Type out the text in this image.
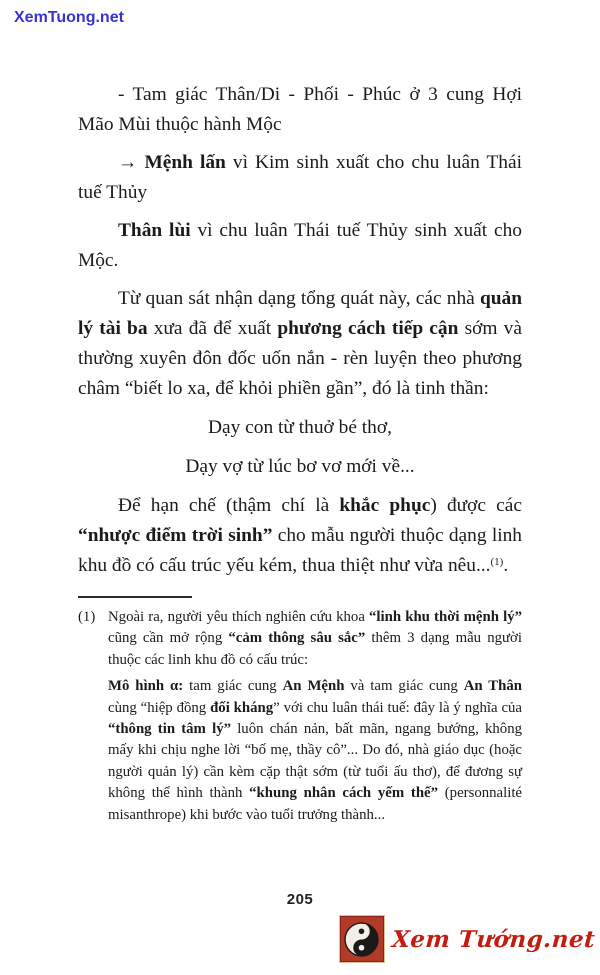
XemTuong.net
- Tam giác Thân/Di - Phối - Phúc ở 3 cung Hợi Mão Mùi thuộc hành Mộc
→ Mệnh lấn vì Kim sinh xuất cho chu luân Thái tuế Thủy
Thân lùi vì chu luân Thái tuế Thủy sinh xuất cho Mộc.
Từ quan sát nhận dạng tổng quát này, các nhà quản lý tài ba xưa đã để xuất phương cách tiếp cận sớm và thường xuyên đôn đốc uốn nắn - rèn luyện theo phương châm “biết lo xa, để khỏi phiền gần”, đó là tinh thần:
Dạy con từ thuở bé thơ,
Dạy vợ từ lúc bơ vơ mới về...
Để hạn chế (thậm chí là khắc phục) được các “nhược điểm trời sinh” cho mẫu người thuộc dạng linh khu đồ có cấu trúc yếu kém, thua thiệt như vừa nêu...$^{(1)}$.
(1) Ngoài ra, người yêu thích nghiên cứu khoa “linh khu thời mệnh lý” cũng cần mở rộng “cảm thông sâu sắc” thêm 3 dạng mẫu người thuộc các linh khu đồ có cấu trúc:
Mô hình α: tam giác cung An Mệnh và tam giác cung An Thân cùng “hiệp đồng đối kháng” với chu luân thái tuế: đây là ý nghĩa của “thông tin tâm lý” luôn chán nản, bất mãn, ngang bướng, không mấy khi chịu nghe lời “bố mẹ, thầy cô”... Do đó, nhà giáo dục (hoặc người quản lý) cần kèm cặp thật sớm (từ tuổi ấu thơ), để đương sự không thể hình thành “khung nhân cách yếm thế” (personnalité misanthrope) khi bước vào tuổi trưởng thành...
205
Xem Tướng.net
